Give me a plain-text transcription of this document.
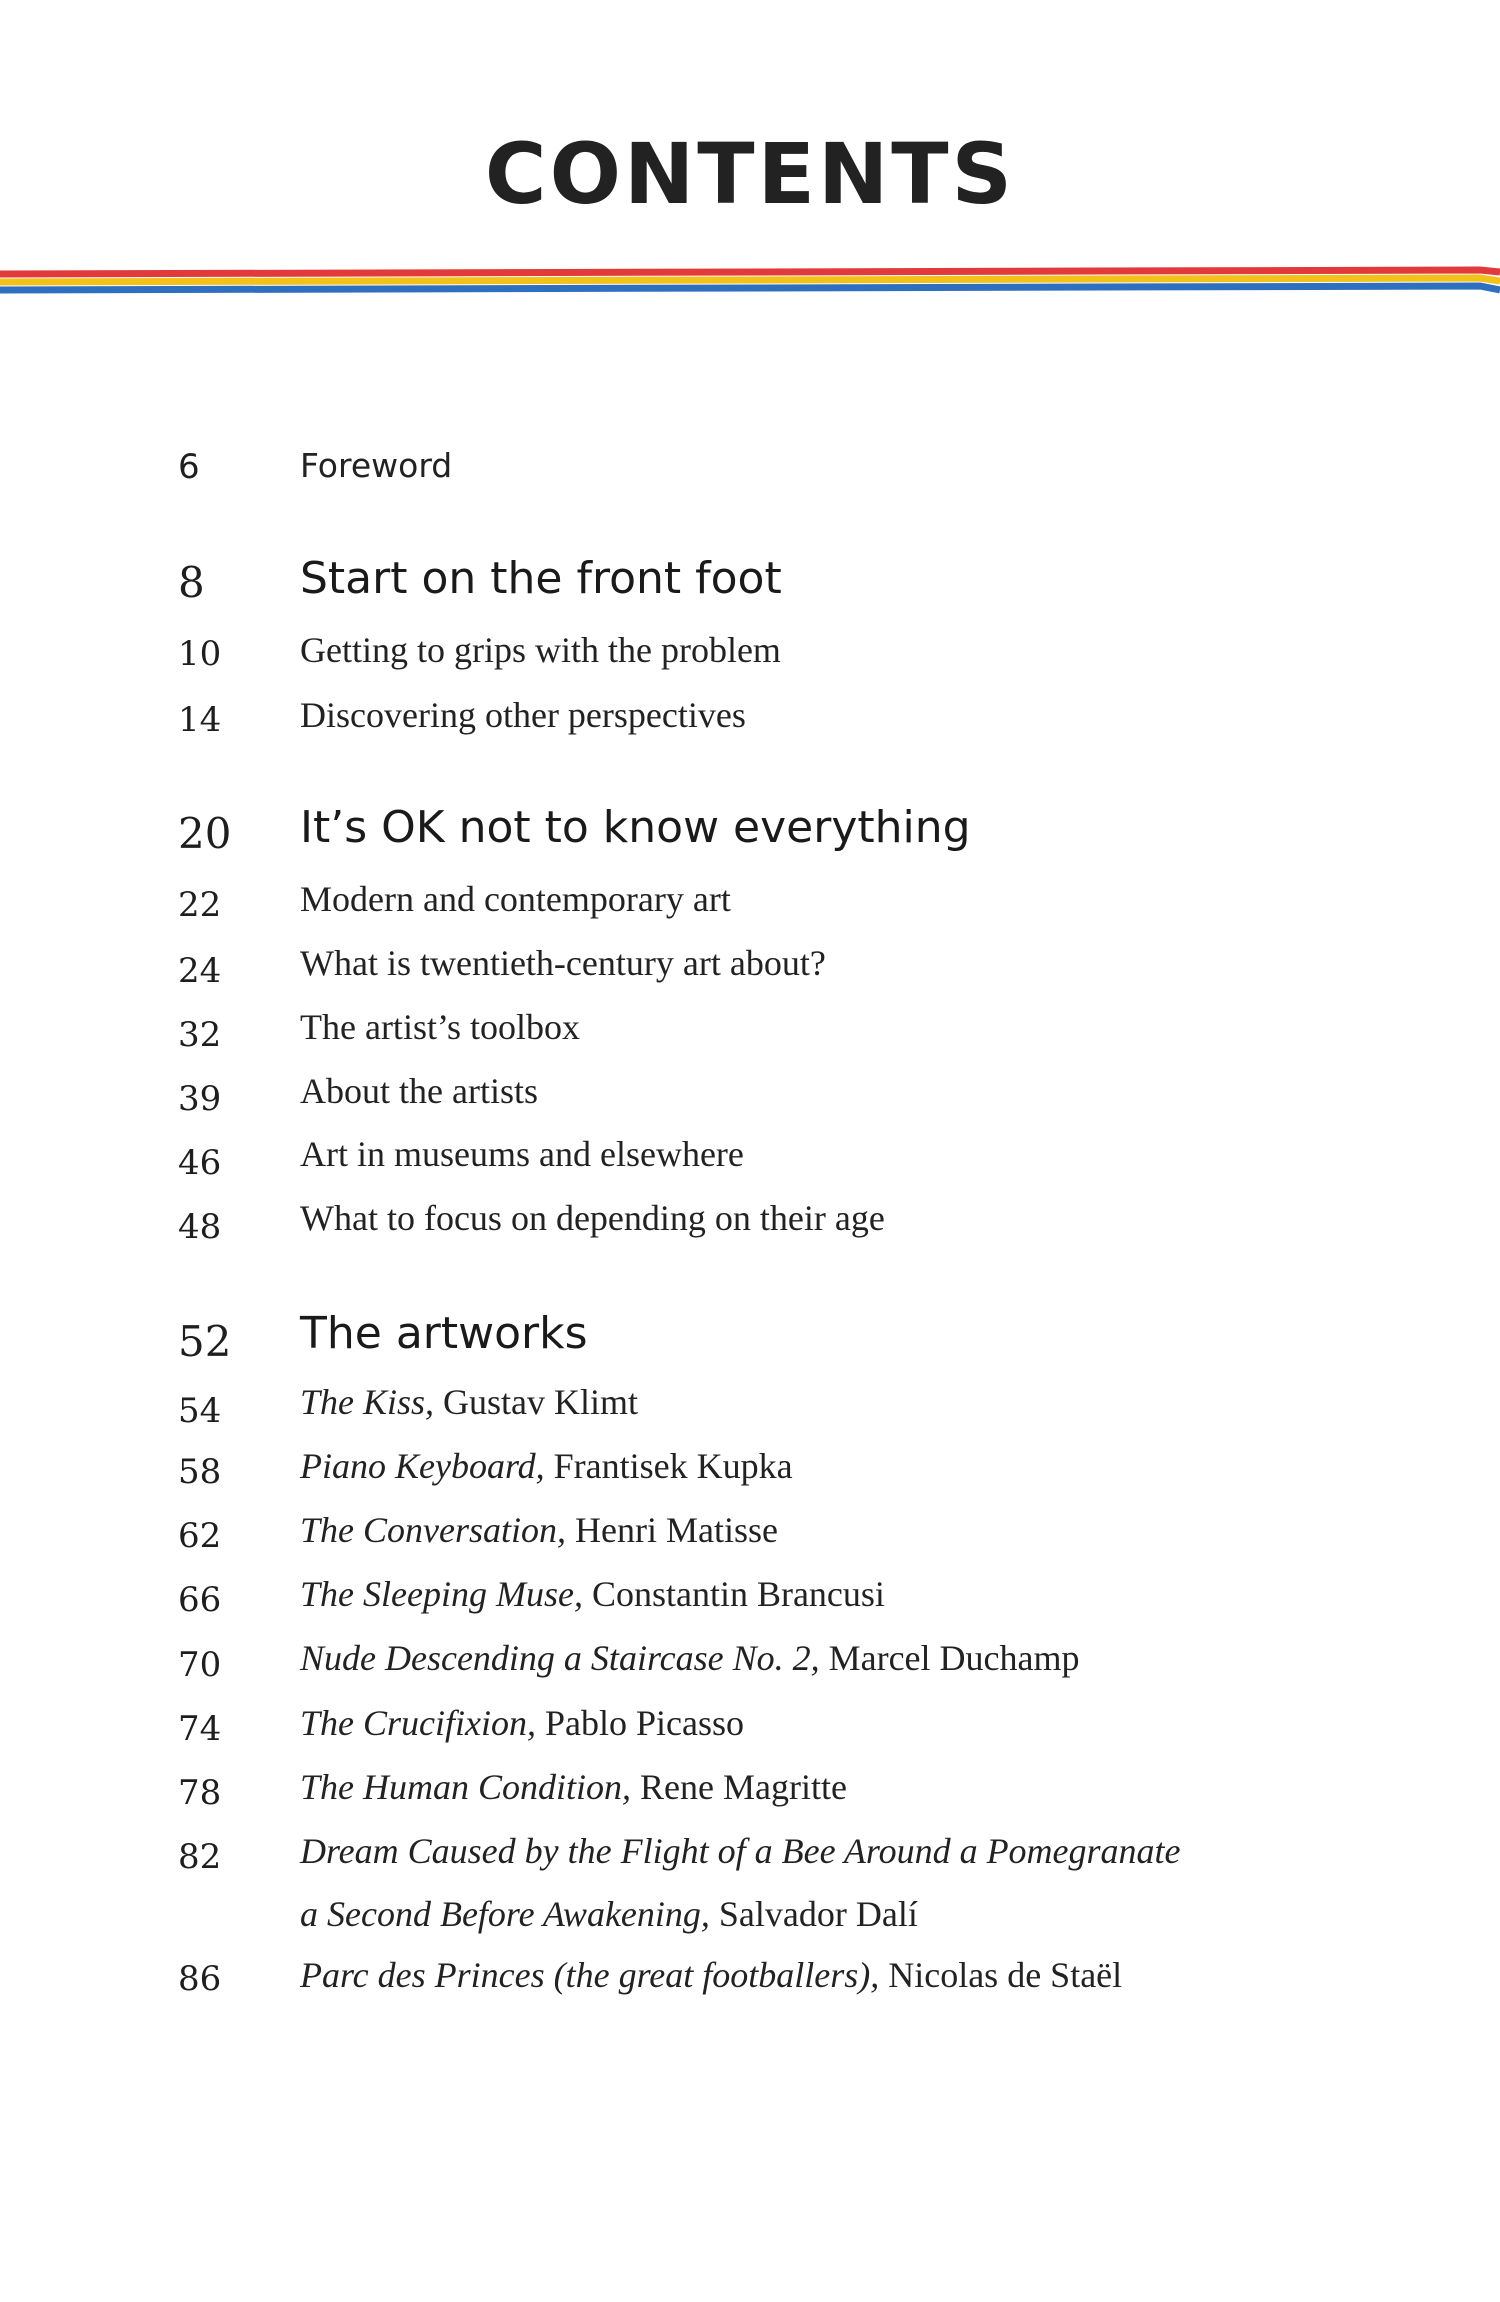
CONTENTS
6	Foreword
8 Start on the front foot
10 Getting to grips with the problem
14 Discovering other perspectives
20 It’s OK not to know everything
22 Modern and contemporary art
24 What is twentieth-century art about?
32 The artist’s toolbox
39 About the artists
46 Art in museums and elsewhere
48 What to focus on depending on their age
52 The artworks
54 The Kiss, Gustav Klimt
58 Piano Keyboard, Frantisek Kupka
62 The Conversation, Henri Matisse
66 The Sleeping Muse, Constantin Brancusi
70 Nude Descending a Staircase No. 2, Marcel Duchamp
74 The Crucifixion, Pablo Picasso
78 The Human Condition, Rene Magritte
82 Dream Caused by the Flight of a Bee Around a Pomegranate
a Second Before Awakening, Salvador Dalí
86 Parc des Princes (the great footballers), Nicolas de Staël
